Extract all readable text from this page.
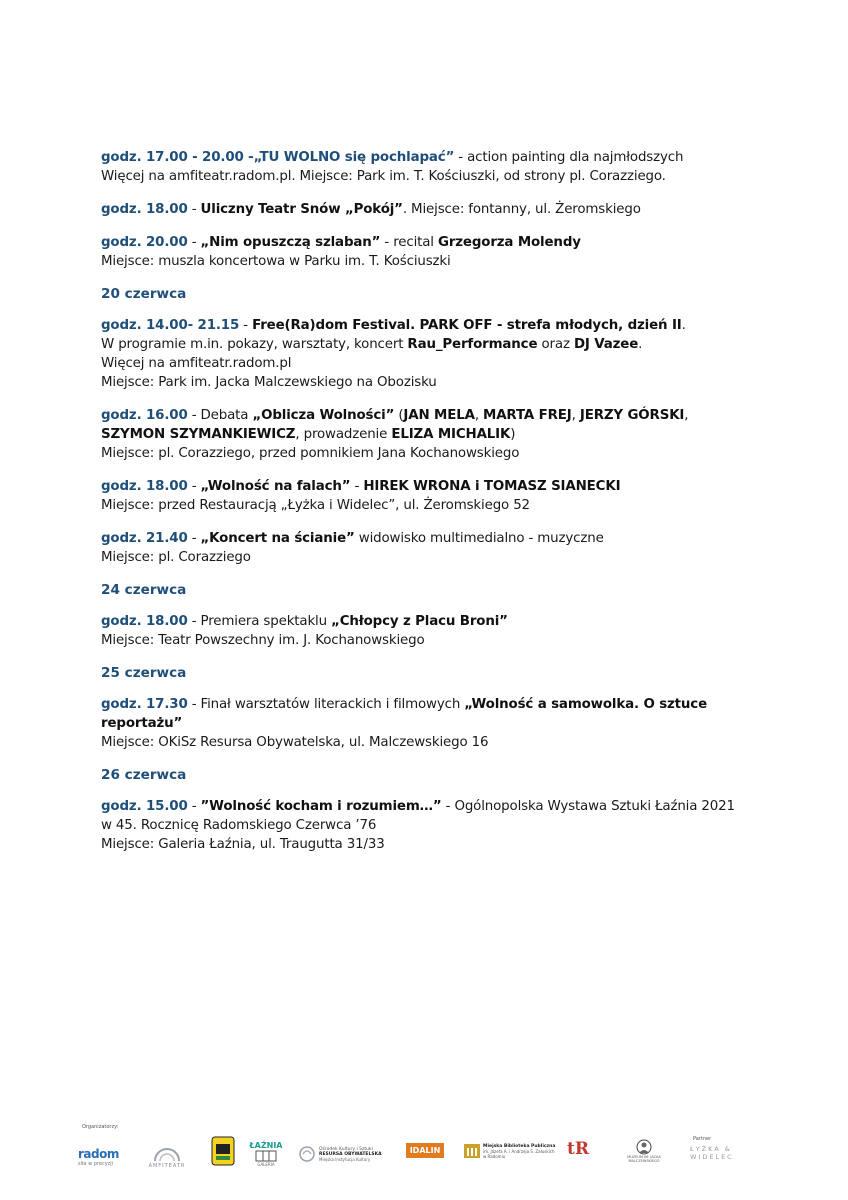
godz. 17.00 - 20.00 -„TU WOLNO się pochlapać” - action painting dla najmłodszych
Więcej na amfiteatr.radom.pl. Miejsce: Park im. T. Kościuszki, od strony pl. Corazziego.

godz. 18.00 - Uliczny Teatr Snów „Pokój”. Miejsce: fontanny, ul. Żeromskiego

godz. 20.00 - „Nim opuszczą szlaban” - recital Grzegorza Molendy
Miejsce: muszla koncertowa w Parku im. T. Kościuszki

20 czerwca

godz. 14.00- 21.15 - Free(Ra)dom Festival. PARK OFF - strefa młodych, dzień II.
W programie m.in. pokazy, warsztaty, koncert Rau_Performance oraz DJ Vazee.
Więcej na amfiteatr.radom.pl
Miejsce: Park im. Jacka Malczewskiego na Obozisku

godz. 16.00 - Debata „Oblicza Wolności” (JAN MELA, MARTA FREJ, JERZY GÓRSKI,
SZYMON SZYMANKIEWICZ, prowadzenie ELIZA MICHALIK)
Miejsce: pl. Corazziego, przed pomnikiem Jana Kochanowskiego

godz. 18.00 - „Wolność na falach” - HIREK WRONA i TOMASZ SIANECKI
Miejsce: przed Restauracją „Łyżka i Widelec”, ul. Żeromskiego 52

godz. 21.40 - „Koncert na ścianie” widowisko multimedialno - muzyczne
Miejsce: pl. Corazziego

24 czerwca

godz. 18.00 - Premiera spektaklu „Chłopcy z Placu Broni”
Miejsce: Teatr Powszechny im. J. Kochanowskiego

25 czerwca

godz. 17.30 - Finał warsztatów literackich i filmowych „Wolność a samowolka. O sztuce reportażu”
Miejsce: OKiSz Resursa Obywatelska, ul. Malczewskiego 16

26 czerwca

godz. 15.00 - ”Wolność kocham i rozumiem…” - Ogólnopolska Wystawa Sztuki Łaźnia 2021 w 45. Rocznicę Radomskiego Czerwca ’76
Miejsce: Galeria Łaźnia, ul. Traugutta 31/33

Organizatorzy:
Partner
radom
siła w precyzji	AMFITEATR
ŁAŹNIA
GALERIA
Ośrodek Kultury i Sztuki
RESURSA OBYWATELSKA
Miejska Instytucja Kultury
IDALIN	Miejska Biblioteka Publiczna
im. Józefa A. i Andrzeja S. Załuskich
w Radomiu	tR	MUZEUM IM. JACKA MALCZEWSKIEGO
ŁYŻKA & WIDELEC
